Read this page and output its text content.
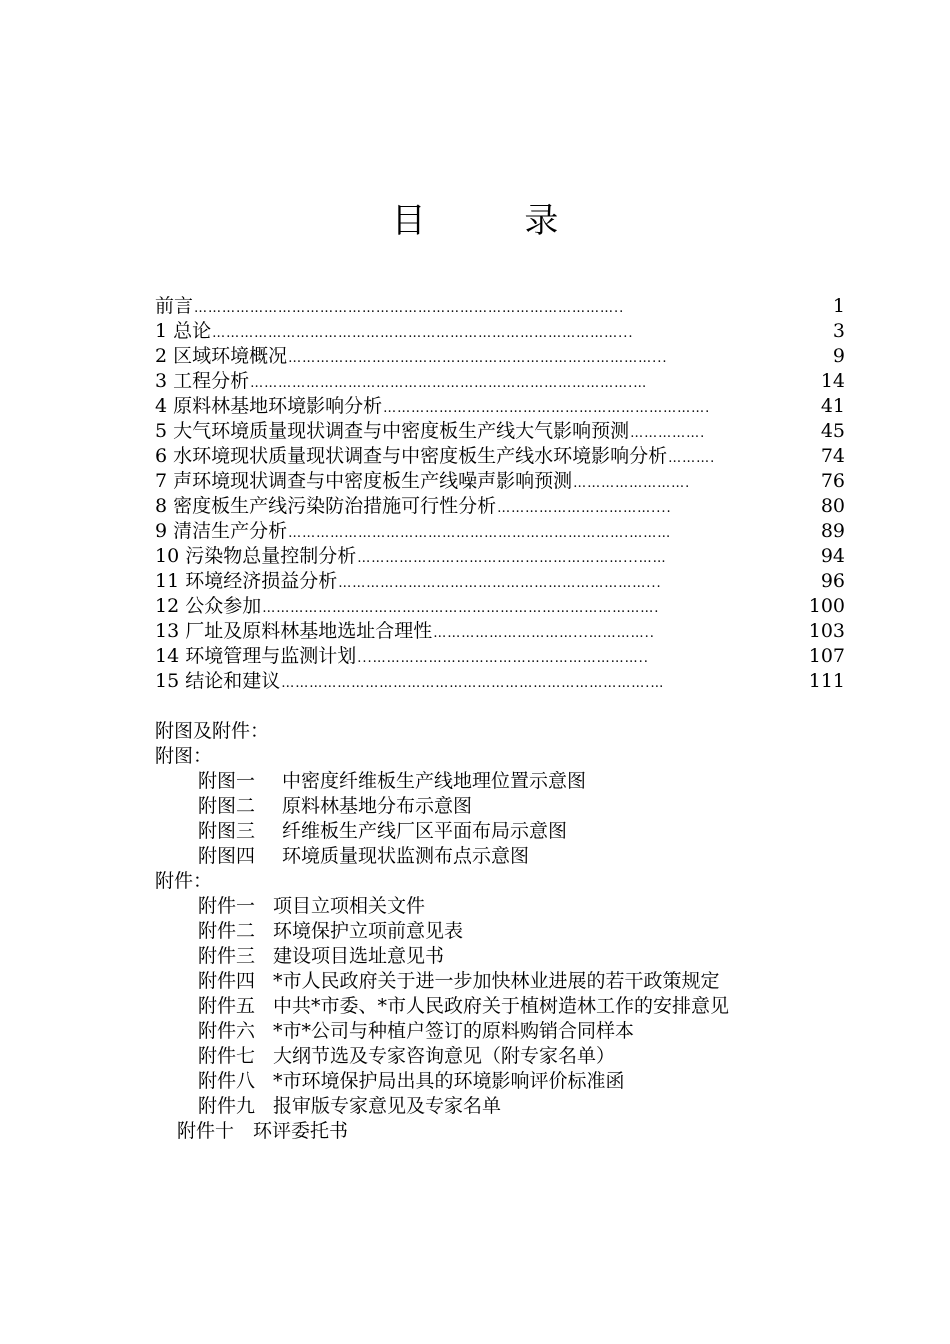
目 录
前言 ………………………………………………………………………………..	1
1 总论 ……………………………………………………………………………...	3
2 区域环境概况 ……………………………………………………………………...	9
3 工程分析 ……………………………………………………………………….…	14
4 原料林基地环境影响分析 …………………………………………………………….	41
5 大气环境质量现状调查与中密度板生产线大气影响预测 …………….	45
6 水环境现状质量现状调查与中密度板生产线水环境影响分析 ……….	74
7 声环境现状调查与中密度板生产线噪声影响预测 …………………….	76
8 密度板生产线污染防治措施可行性分析 ……………………………....	80
9 清洁生产分析 ……………………………………………………………….………	89
10 污染物总量控制分析 …………………………………………………...……	94
11 环境经济损益分析 …………………………………………………………...	96
12 公众参加 ………………………………………………………………………….	100
13 厂址及原料林基地选址合理性 …………………………...…………..	103
14 环境管理与监测计划 ...…………………………………………………..	107
15 结论和建议 …………………………………………………………………….…	111
附图及附件：
附图：
附图一	中密度纤维板生产线地理位置示意图
附图二	原料林基地分布示意图
附图三	纤维板生产线厂区平面布局示意图
附图四	环境质量现状监测布点示意图
附件：
附件一 项目立项相关文件
附件二 环境保护立项前意见表
附件三 建设项目选址意见书
附件四 *市人民政府关于进一步加快林业进展的若干政策规定
附件五 中共*市委、*市人民政府关于植树造林工作的安排意见
附件六 *市*公司与种植户签订的原料购销合同样本
附件七 大纲节选及专家咨询意见（附专家名单）
附件八 *市环境保护局出具的环境影响评价标准函
附件九 报审版专家意见及专家名单
附件十 环评委托书
